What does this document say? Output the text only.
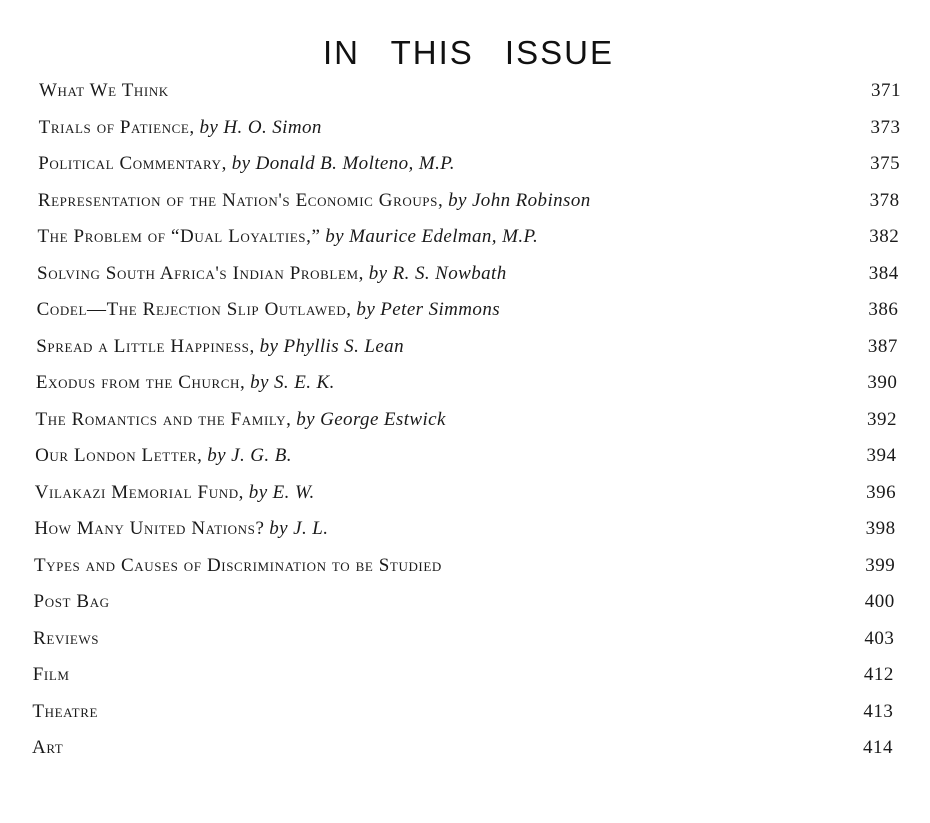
IN THIS ISSUE
What We Think	371
Trials of Patience, by H. O. Simon	373
Political Commentary, by Donald B. Molteno, M.P.	375
Representation of the Nation's Economic Groups, by John Robinson	378
The Problem of “Dual Loyalties,” by Maurice Edelman, M.P.	382
Solving South Africa's Indian Problem, by R. S. Nowbath	384
Codel—The Rejection Slip Outlawed, by Peter Simmons	386
Spread a Little Happiness, by Phyllis S. Lean	387
Exodus from the Church, by S. E. K.	390
The Romantics and the Family, by George Estwick	392
Our London Letter, by J. G. B.	394
Vilakazi Memorial Fund, by E. W.	396
How Many United Nations? by J. L.	398
Types and Causes of Discrimination to be Studied	399
Post Bag	400
Reviews	403
Film	412
Theatre	413
Art	414
